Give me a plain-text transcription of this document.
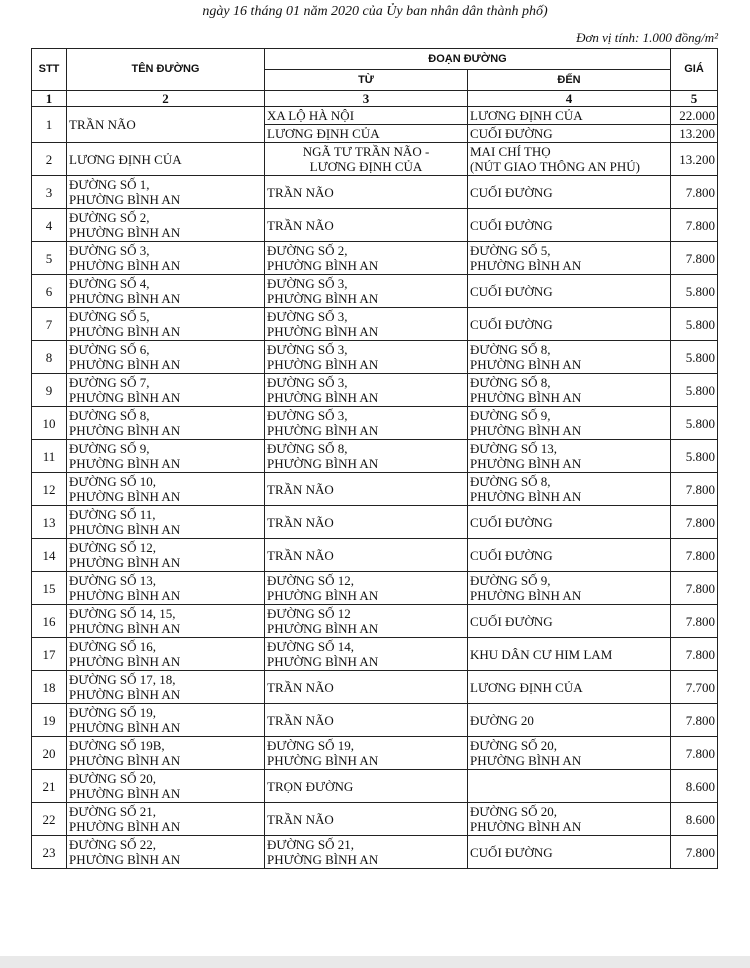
ngày 16 tháng 01 năm 2020 của Ủy ban nhân dân thành phố)
Đơn vị tính: 1.000 đồng/m²
STT	TÊN ĐƯỜNG	ĐOẠN ĐƯỜNG		GIÁ
		TỪ	ĐẾN	
1	2	3	4	5
1	TRẦN NÃO	XA LỘ HÀ NỘI	LƯƠNG ĐỊNH CỦA	22.000
		LƯƠNG ĐỊNH CỦA	CUỐI ĐƯỜNG	13.200
2	LƯƠNG ĐỊNH CỦA	NGÃ TƯ TRẦN NÃO -
LƯƠNG ĐỊNH CỦA	MAI CHÍ THỌ
(NÚT GIAO THÔNG AN PHÚ)	13.200
3	ĐƯỜNG SỐ 1,
PHƯỜNG BÌNH AN	TRẦN NÃO	CUỐI ĐƯỜNG	7.800
4	ĐƯỜNG SỐ 2,
PHƯỜNG BÌNH AN	TRẦN NÃO	CUỐI ĐƯỜNG	7.800
5	ĐƯỜNG SỐ 3,
PHƯỜNG BÌNH AN	ĐƯỜNG SỐ 2,
PHƯỜNG BÌNH AN	ĐƯỜNG SỐ 5,
PHƯỜNG BÌNH AN	7.800
6	ĐƯỜNG SỐ 4,
PHƯỜNG BÌNH AN	ĐƯỜNG SỐ 3,
PHƯỜNG BÌNH AN	CUỐI ĐƯỜNG	5.800
7	ĐƯỜNG SỐ 5,
PHƯỜNG BÌNH AN	ĐƯỜNG SỐ 3,
PHƯỜNG BÌNH AN	CUỐI ĐƯỜNG	5.800
8	ĐƯỜNG SỐ 6,
PHƯỜNG BÌNH AN	ĐƯỜNG SỐ 3,
PHƯỜNG BÌNH AN	ĐƯỜNG SỐ 8,
PHƯỜNG BÌNH AN	5.800
9	ĐƯỜNG SỐ 7,
PHƯỜNG BÌNH AN	ĐƯỜNG SỐ 3,
PHƯỜNG BÌNH AN	ĐƯỜNG SỐ 8,
PHƯỜNG BÌNH AN	5.800
10	ĐƯỜNG SỐ 8,
PHƯỜNG BÌNH AN	ĐƯỜNG SỐ 3,
PHƯỜNG BÌNH AN	ĐƯỜNG SỐ 9,
PHƯỜNG BÌNH AN	5.800
11	ĐƯỜNG SỐ 9,
PHƯỜNG BÌNH AN	ĐƯỜNG SỐ 8,
PHƯỜNG BÌNH AN	ĐƯỜNG SỐ 13,
PHƯỜNG BÌNH AN	5.800
12	ĐƯỜNG SỐ 10,
PHƯỜNG BÌNH AN	TRẦN NÃO	ĐƯỜNG SỐ 8,
PHƯỜNG BÌNH AN	7.800
13	ĐƯỜNG SỐ 11,
PHƯỜNG BÌNH AN	TRẦN NÃO	CUỐI ĐƯỜNG	7.800
14	ĐƯỜNG SỐ 12,
PHƯỜNG BÌNH AN	TRẦN NÃO	CUỐI ĐƯỜNG	7.800
15	ĐƯỜNG SỐ 13,
PHƯỜNG BÌNH AN	ĐƯỜNG SỐ 12,
PHƯỜNG BÌNH AN	ĐƯỜNG SỐ 9,
PHƯỜNG BÌNH AN	7.800
16	ĐƯỜNG SỐ 14, 15,
PHƯỜNG BÌNH AN	ĐƯỜNG SỐ 12
PHƯỜNG BÌNH AN	CUỐI ĐƯỜNG	7.800
17	ĐƯỜNG SỐ 16,
PHƯỜNG BÌNH AN	ĐƯỜNG SỐ 14,
PHƯỜNG BÌNH AN	KHU DÂN CƯ HIM LAM	7.800
18	ĐƯỜNG SỐ 17, 18,
PHƯỜNG BÌNH AN	TRẦN NÃO	LƯƠNG ĐỊNH CỦA	7.700
19	ĐƯỜNG SỐ 19,
PHƯỜNG BÌNH AN	TRẦN NÃO	ĐƯỜNG 20	7.800
20	ĐƯỜNG SỐ 19B,
PHƯỜNG BÌNH AN	ĐƯỜNG SỐ 19,
PHƯỜNG BÌNH AN	ĐƯỜNG SỐ 20,
PHƯỜNG BÌNH AN	7.800
21	ĐƯỜNG SỐ 20,
PHƯỜNG BÌNH AN	TRỌN ĐƯỜNG		8.600
22	ĐƯỜNG SỐ 21,
PHƯỜNG BÌNH AN	TRẦN NÃO	ĐƯỜNG SỐ 20,
PHƯỜNG BÌNH AN	8.600
23	ĐƯỜNG SỐ 22,
PHƯỜNG BÌNH AN	ĐƯỜNG SỐ 21,
PHƯỜNG BÌNH AN	CUỐI ĐƯỜNG	7.800
